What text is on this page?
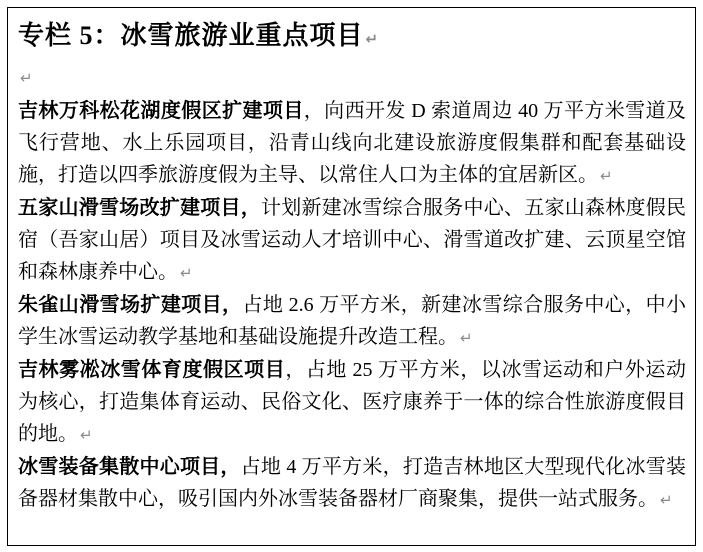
专栏 5：冰雪旅游业重点项目 ↵
↵

吉林万科松花湖度假区扩建项目，向西开发 D 索道周边 40 万平方米雪道及飞行营地、水上乐园项目，沿青山线向北建设旅游度假集群和配套基础设施，打造以四季旅游度假为主导、以常住人口为主体的宜居新区。 ↵

五家山滑雪场改扩建项目，计划新建冰雪综合服务中心、五家山森林度假民宿（吾家山居）项目及冰雪运动人才培训中心、滑雪道改扩建、云顶星空馆和森林康养中心。 ↵

朱雀山滑雪场扩建项目，占地 2.6 万平方米，新建冰雪综合服务中心，中小学生冰雪运动教学基地和基础设施提升改造工程。 ↵

吉林雾凇冰雪体育度假区项目，占地 25 万平方米，以冰雪运动和户外运动为核心，打造集体育运动、民俗文化、医疗康养于一体的综合性旅游度假目的地。 ↵

冰雪装备集散中心项目，占地 4 万平方米，打造吉林地区大型现代化冰雪装备器材集散中心，吸引国内外冰雪装备器材厂商聚集，提供一站式服务。 ↵
